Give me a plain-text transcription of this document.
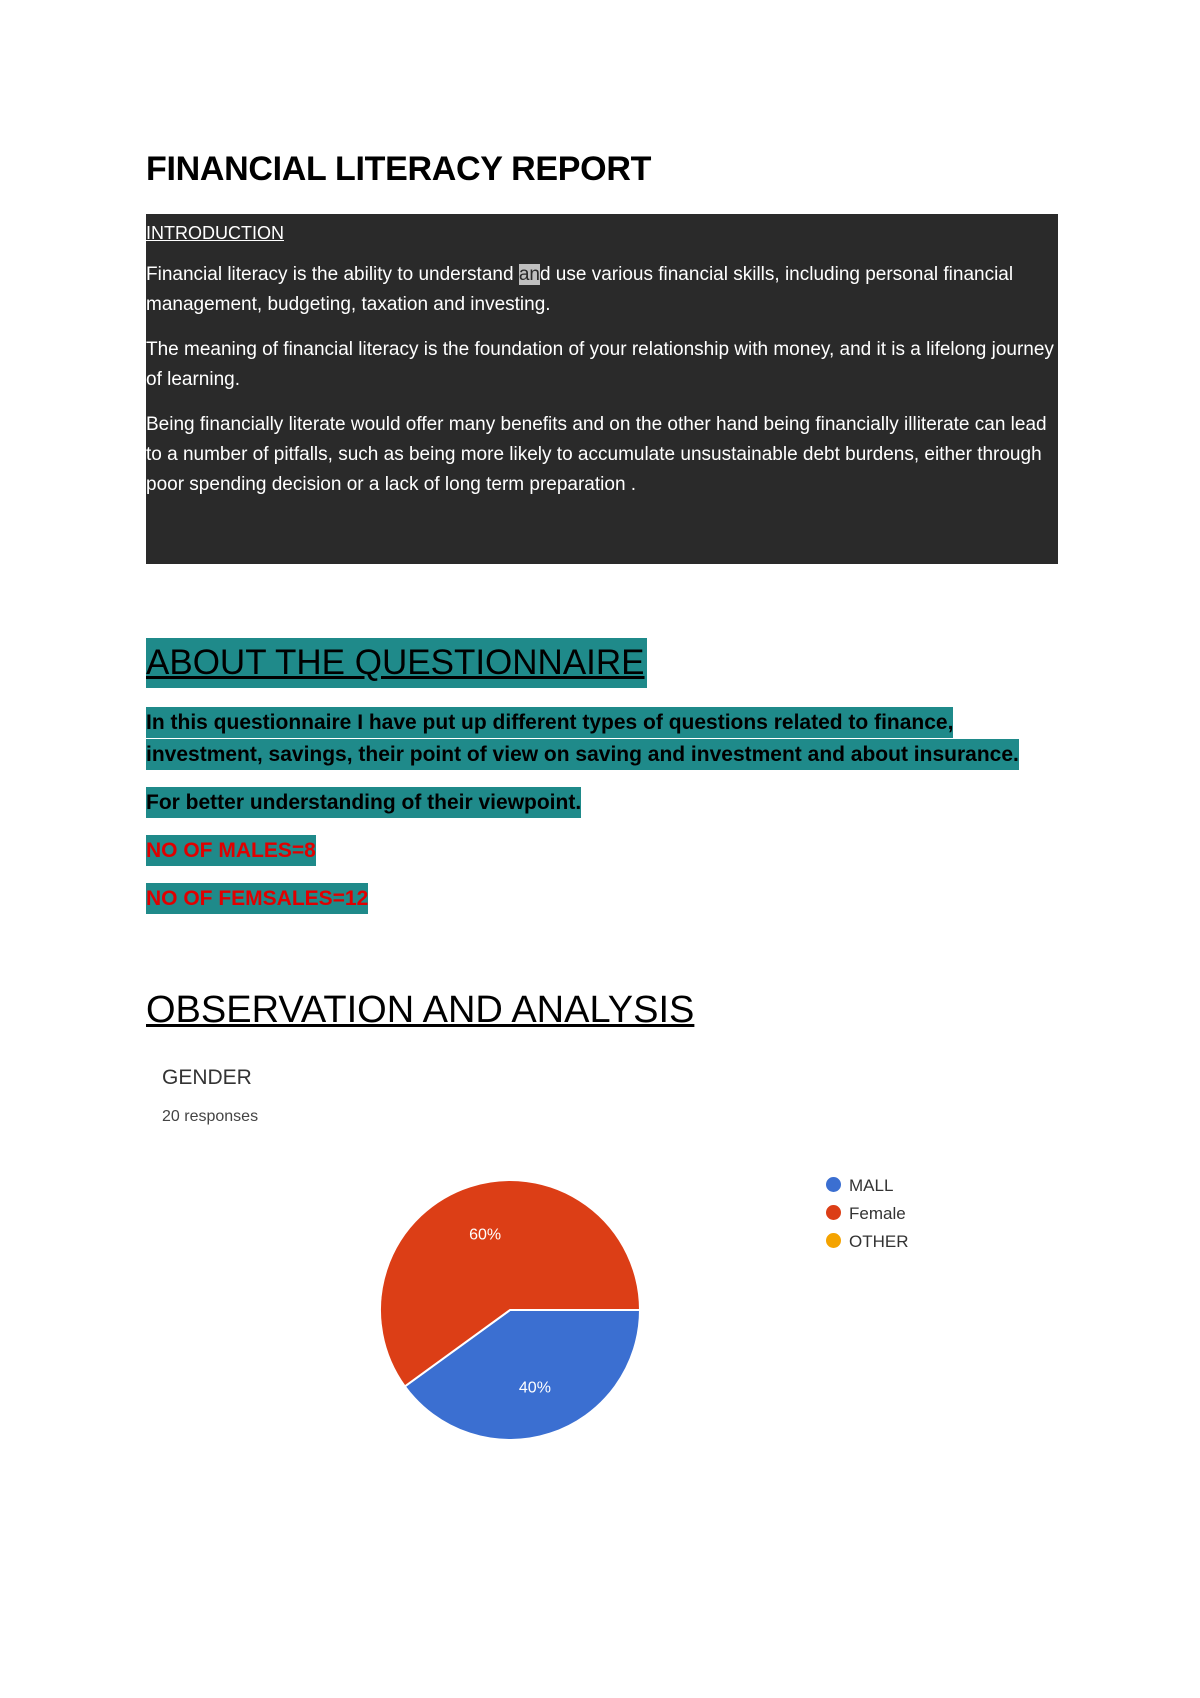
FINANCIAL LITERACY REPORT
INTRODUCTION
Financial literacy is the ability to understand and use various financial skills, including personal financial management, budgeting, taxation and investing.
The meaning of financial literacy is the foundation of your relationship with money, and it is a lifelong journey of learning.
Being financially literate would offer many benefits and on the other hand being financially illiterate can lead to a number of pitfalls, such as being more likely to accumulate unsustainable debt burdens, either through poor spending decision or a lack of long term preparation .
ABOUT THE QUESTIONNAIRE
In this questionnaire I have put up different types of questions related to finance,
investment, savings, their point of view on saving and investment and about insurance.
For better understanding of their viewpoint.
NO OF MALES=8
NO OF FEMSALES=12
OBSERVATION AND ANALYSIS
GENDER
20 responses
40%
60%
MALL
Female
OTHER
